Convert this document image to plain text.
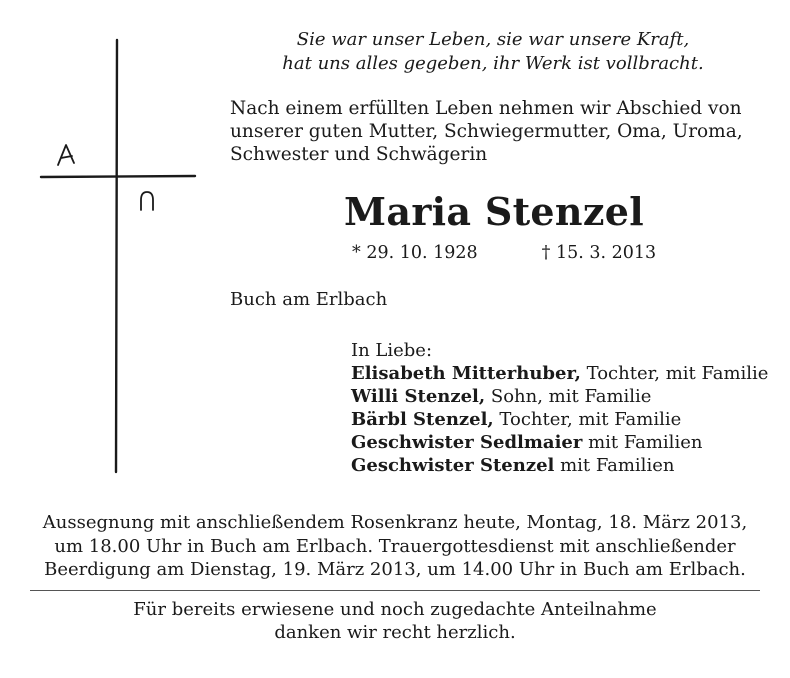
Sie war unser Leben, sie war unsere Kraft,
hat uns alles gegeben, ihr Werk ist vollbracht.
Nach einem erfüllten Leben nehmen wir Abschied von
unserer guten Mutter, Schwiegermutter, Oma, Uroma,
Schwester und Schwägerin
Maria Stenzel
* 29. 10. 1928	† 15. 3. 2013
Buch am Erlbach
In Liebe:
Elisabeth Mitterhuber, Tochter, mit Familie
Willi Stenzel, Sohn, mit Familie
Bärbl Stenzel, Tochter, mit Familie
Geschwister Sedlmaier mit Familien
Geschwister Stenzel mit Familien
Aussegnung mit anschließendem Rosenkranz heute, Montag, 18. März 2013,
um 18.00 Uhr in Buch am Erlbach. Trauergottesdienst mit anschließender
Beerdigung am Dienstag, 19. März 2013, um 14.00 Uhr in Buch am Erlbach.
Für bereits erwiesene und noch zugedachte Anteilnahme
danken wir recht herzlich.
